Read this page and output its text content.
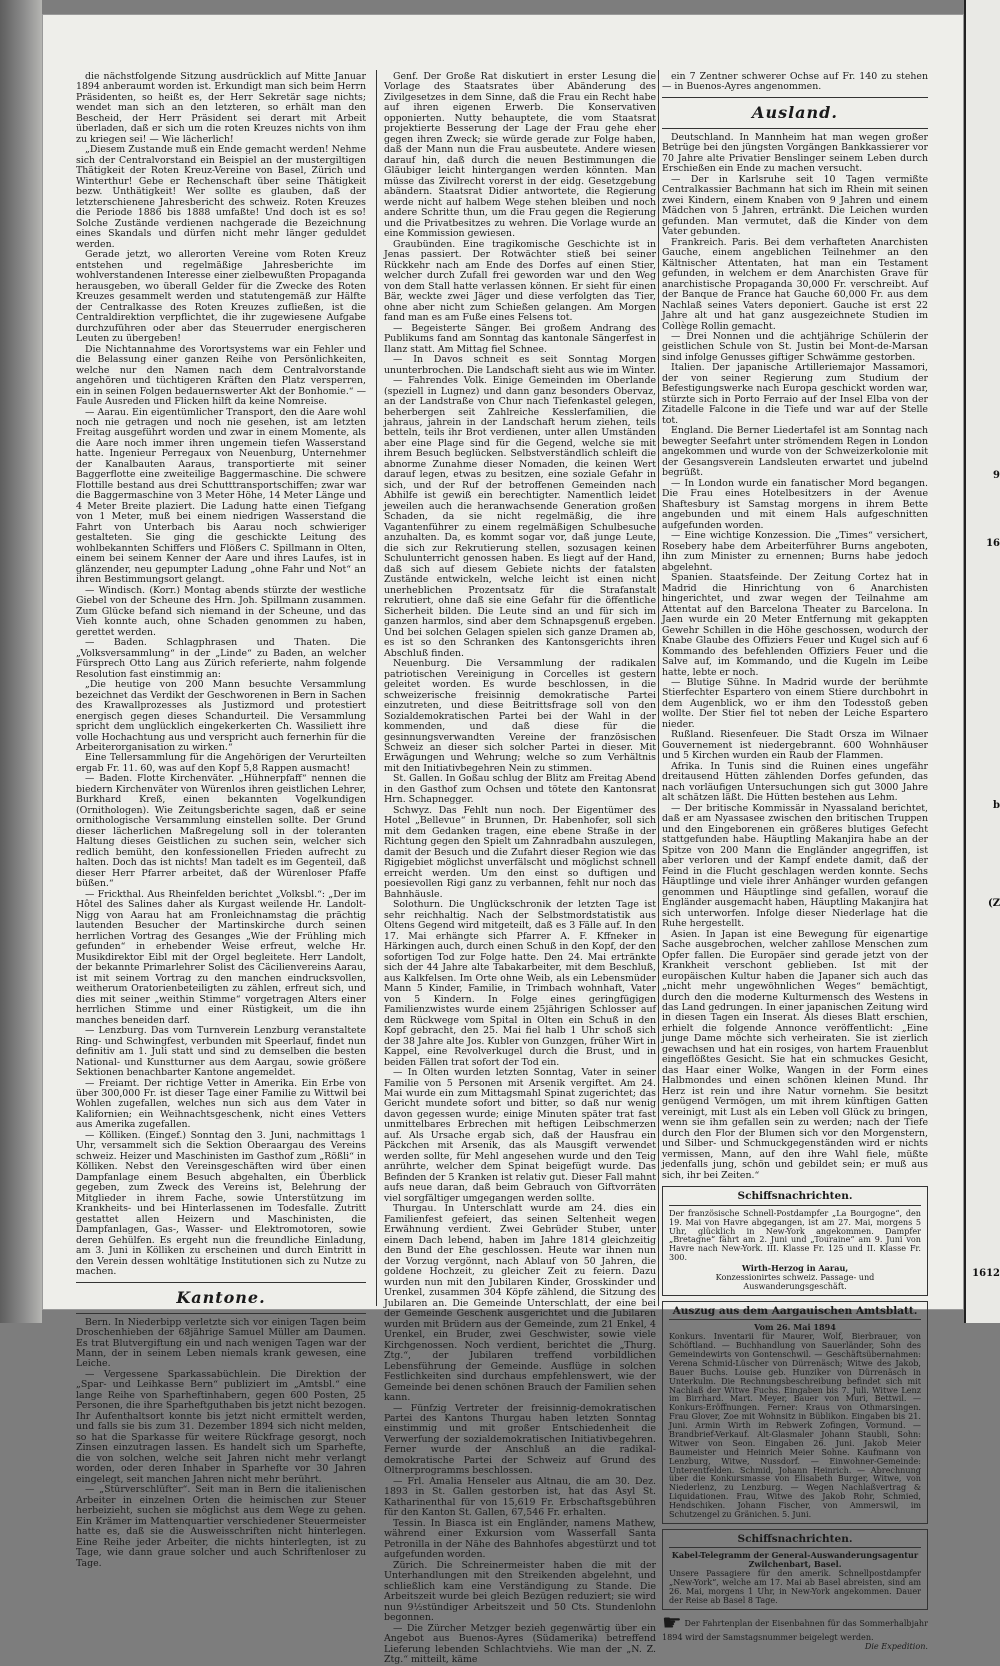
die nächstfolgende Sitzung ausdrücklich auf Mitte Januar 1894 anberaumt worden ist. Erkundigt man sich beim Herrn Präsidenten, so heißt es, der Herr Sekretär sage nichts; wendet man sich an den letzteren, so erhält man den Bescheid, der Herr Präsident sei derart mit Arbeit überladen, daß er sich um die roten Kreuzes nichts von ihm zu kriegen sei! — Wie lächerlich!

„Diesem Zustande muß ein Ende gemacht werden! Nehme sich der Centralvorstand ein Beispiel an der mustergiltigen Thätigkeit der Roten Kreuz-Vereine von Basel, Zürich und Winterthur! Gebe er Rechenschaft über seine Thätigkeit bezw. Unthätigkeit! Wer sollte es glauben, daß der letzterschienene Jahresbericht des schweiz. Roten Kreuzes die Periode 1886 bis 1888 umfaßte! Und doch ist es so! Solche Zustände verdienen nachgerade die Bezeichnung eines Skandals und dürfen nicht mehr länger geduldet werden.

Gerade jetzt, wo allerorten Vereine vom Roten Kreuz entstehen und regelmäßige Jahresberichte im wohlverstandenen Interesse einer zielbewußten Propaganda herausgeben, wo überall Gelder für die Zwecke des Roten Kreuzes gesammelt werden und statutengemäß zur Hälfte der Centralkasse des Roten Kreuzes zufließen, ist die Centraldirektion verpflichtet, die ihr zugewiesene Aufgabe durchzuführen oder aber das Steuerruder energischeren Leuten zu übergeben!

Die Nichtannahme des Vorortsystems war ein Fehler und die Belassung einer ganzen Reihe von Persönlichkeiten, welche nur den Namen nach dem Centralvorstande angehören und tüchtigeren Kräften den Platz versperren, ein in seinen Folgen bedauernswerter Akt der Bonhomie.“ — Faule Ausreden und Flicken hilft da keine Nomreise.

— Aarau. Ein eigentümlicher Transport, den die Aare wohl noch nie getragen und noch nie gesehen, ist am letzten Freitag ausgeführt worden und zwar in einem Momente, als die Aare noch immer ihren ungemein tiefen Wasserstand hatte. Ingenieur Perregaux von Neuenburg, Unternehmer der Kanalbauten Aaraus, transportierte mit seiner Baggerflotte eine zweiteilige Baggermaschine. Die schwere Flottille bestand aus drei Schutttransportschiffen; zwar war die Baggermaschine von 3 Meter Höhe, 14 Meter Länge und 4 Meter Breite plaziert. Die Ladung hatte einen Tiefgang von 1 Meter, muß bei einem niedrigen Wasserstand die Fahrt von Unterbach bis Aarau noch schwieriger gestalteten. Sie ging die geschickte Leitung des wohlbekannten Schiffers und Flößers C. Spillmann in Olten, einem bei seinem Kenner der Aare und ihres Laufes, ist in glänzender, neu gepumpter Ladung „ohne Fahr und Not“ an ihren Bestimmungsort gelangt.

— Windisch. (Korr.) Montag abends stürzte der westliche Giebel von der Scheune des Hrn. Joh. Spillmann zusammen. Zum Glücke befand sich niemand in der Scheune, und das Vieh konnte auch, ohne Schaden genommen zu haben, gerettet werden.

— Baden. Schlagphrasen und Thaten. Die „Volksversammlung“ in der „Linde“ zu Baden, an welcher Fürsprech Otto Lang aus Zürich referierte, nahm folgende Resolution fast einstimmig an:

„Die heutige von 200 Mann besuchte Versammlung bezeichnet das Verdikt der Geschworenen in Bern in Sachen des Krawallprozesses als Justizmord und protestiert energisch gegen dieses Schandurteil. Die Versammlung spricht dem unglücklich eingekerkerten Ch. Wassiliett ihre volle Hochachtung aus und verspricht auch fernerhin für die Arbeiterorganisation zu wirken.“

Eine Tellersammlung für die Angehörigen der Verurteilten ergab Fr. 11. 60, was auf den Kopf 5,8 Rappen ausmacht!

— Baden. Flotte Kirchenväter. „Hühnerpfaff“ nennen die biedern Kirchenväter von Würenlos ihren geistlichen Lehrer, Burkhard Kreß, einen bekannten Vogelkundigen (Ornithologen). Wie Zeitungsberichte sagen, daß er seine ornithologische Versammlung einstellen sollte. Der Grund dieser lächerlichen Maßregelung soll in der toleranten Haltung dieses Geistlichen zu suchen sein, welcher sich redlich bemüht, den konfessionellen Frieden aufrecht zu halten. Doch das ist nichts! Man tadelt es im Gegenteil, daß dieser Herr Pfarrer arbeitet, daß der Würenloser Pfaffe büßen.“

— Frickthal. Aus Rheinfelden berichtet „Volksbl.“: „Der im Hôtel des Salines daher als Kurgast weilende Hr. Landolt-Nigg von Aarau hat am Fronleichnamstag die prächtig lautenden Besucher der Martinskirche durch seinen herrlichen Vortrag des Gesanges „Wie der Frühling mich gefunden“ in erhebender Weise erfreut, welche Hr. Musikdirektor Eibl mit der Orgel begleitete. Herr Landolt, der bekannte Primarlehrer Solist des Cäcilienvereins Aarau, ist mit seinem Vortrag zu den manchen eindrucksvollen, weitherum Oratorienbeteiligten zu zählen, erfreut sich, und dies mit seiner „weithin Stimme“ vorgetragen Alters einer herrlichen Stimme und einer Rüstigkeit, um die ihn manches beneiden darf.

— Lenzburg. Das vom Turnverein Lenzburg veranstaltete Ring- und Schwingfest, verbunden mit Speerlauf, findet nun definitiv am 1. Juli statt und sind zu demselben die besten National- und Kunstturner aus dem Aargau, sowie größere Sektionen benachbarter Kantone angemeldet.

— Freiamt. Der richtige Vetter in Amerika. Ein Erbe von über 300,000 Fr. ist dieser Tage einer Familie zu Wittwil bei Wohlen zugefallen, welches nun sich aus dem Vater in Kalifornien; ein Weihnachtsgeschenk, nicht eines Vetters aus Amerika zugefallen.

— Kölliken. (Eingef.) Sonntag den 3. Juni, nachmittags 1 Uhr, versammelt sich die Sektion Oberaargau des Vereins schweiz. Heizer und Maschinisten im Gasthof zum „Rößli“ in Kölliken. Nebst den Vereinsgeschäften wird über einen Dampfanlage einem Besuch abgehalten, ein Überblick gegeben, zum Zweck des Vereins ist, Belehrung der Mitglieder in ihrem Fache, sowie Unterstützung im Krankheits- und bei Hinterlassenen im Todesfalle. Zutritt gestattet allen Heizern und Maschinisten, die Dampfanlagen, Gas-, Wasser- und Elektromotoren, sowie deren Gehülfen. Es ergeht nun die freundliche Einladung, am 3. Juni in Kölliken zu erscheinen und durch Eintritt in den Verein dessen wohltätige Institutionen sich zu Nutze zu machen.

Kantone.

Bern. In Niederbipp verletzte sich vor einigen Tagen beim Droschenhieben der 68jährige Samuel Müller am Daumen. Es trat Blutvergiftung ein und nach wenigen Tagen war der Mann, der in seinem Leben niemals krank gewesen, eine Leiche.

— Vergessene Sparkassabüchlein. Die Direktion der „Spar- und Leihkasse Bern“ publiziert im „Amtsbl.“ eine lange Reihe von Sparheftinhabern, gegen 600 Posten, 25 Personen, die ihre Sparheftguthaben bis jetzt nicht bezogen. Ihr Aufenthaltsort konnte bis jetzt nicht ermittelt werden, und falls sie bis zum 31. Dezember 1894 sich nicht melden, so hat die Sparkasse für weitere Rückfrage gesorgt, noch Zinsen einzutragen lassen. Es handelt sich um Sparhefte, die von solchen, welche seit Jahren nicht mehr verlangt worden, oder deren Inhaber in Sparhefte vor 30 Jahren eingelegt, seit manchen Jahren nicht mehr berührt.

— „Stürverschlüfter“. Seit man in Bern die italienischen Arbeiter in einzelnen Orten die heimischen zur Steuer herbeizieht, suchen sie möglichst aus dem Wege zu gehen. Ein Krämer im Mattenquartier verschiedener Steuermeister hatte es, daß sie die Ausweisschriften nicht hinterlegen. Eine Reihe jeder Arbeiter, die nichts hinterlegten, ist zu Tage, wie dann graue solcher und auch Schriftenloser zu Tage.

Genf. Der Große Rat diskutiert in erster Lesung die Vorlage des Staatsrates über Abänderung des Zivilgesetzes in dem Sinne, daß die Frau ein Recht habe auf ihren eigenen Erwerb. Die Konservativen opponierten. Nutty behauptete, die vom Staatsrat projektierte Besserung der Lage der Frau gehe eher gegen ihren Zweck; sie würde gerade zur Folge haben, daß der Mann nun die Frau ausbeutete. Andere wiesen darauf hin, daß durch die neuen Bestimmungen die Gläubiger leicht hintergangen werden könnten. Man müsse das Zivilrecht vorerst in der eidg. Gesetzgebung abändern. Staatsrat Didier antwortete, die Regierung werde nicht auf halbem Wege stehen bleiben und noch andere Schritte thun, um die Frau gegen die Regierung und die Privatbesitzes zu wehren. Die Vorlage wurde an eine Kommission gewiesen.

Graubünden. Eine tragikomische Geschichte ist in Jenas passiert. Der Rotwächter stieß bei seiner Rückkehr nach am Ende des Dorfes auf einen Stier, welcher durch Zufall frei geworden war und den Weg von dem Stall hatte verlassen können. Er sieht für einen Bär, weckte zwei Jäger und diese verfolgten das Tier, ohne aber nicht zum Schießen gelangen. Am Morgen fand man es am Fuße eines Felsens tot.

— Begeisterte Sänger. Bei großem Andrang des Publikums fand am Sonntag das kantonale Sängerfest in Ilanz statt. Am Mittag fiel Schnee.

— In Davos schneit es seit Sonntag Morgen ununterbrochen. Die Landschaft sieht aus wie im Winter.

— Fahrendes Volk. Einige Gemeinden im Oberlande (speziell in Lugnez) und dann ganz besonders Obervaz, an der Landstraße von Chur nach Tiefenkastel gelegen, beherbergen seit Zahlreiche Kesslerfamilien, die jahraus, jahrein in der Landschaft herum ziehen, teils betteln, teils ihr Brot verdienen, unter allen Umständen aber eine Plage sind für die Gegend, welche sie mit ihrem Besuch beglücken. Selbstverständlich schleift die abnorme Zunahme dieser Nomaden, die keinen Wert darauf legen, etwas zu besitzen, eine soziale Gefahr in sich, und der Ruf der betroffenen Gemeinden nach Abhilfe ist gewiß ein berechtigter. Namentlich leidet jeweilen auch die heranwachsende Generation großen Schaden, da sie nicht regelmäßig, die ihre Vagantenführer zu einem regelmäßigen Schulbesuche anzuhalten. Da, es kommt sogar vor, daß junge Leute, die sich zur Rekrutierung stellen, sozusagen keinen Schulunterricht genossen haben. Es liegt auf der Hand, daß sich auf diesem Gebiete nichts der fatalsten Zustände entwickeln, welche leicht ist einen nicht unerheblichen Prozentsatz für die Strafanstalt rekrutiert, ohne daß sie eine Gefahr für die öffentliche Sicherheit bilden. Die Leute sind an und für sich im ganzen harmlos, sind aber dem Schnapsgenuß ergeben. Und bei solchen Gelagen spielen sich ganze Dramen ab, es ist so den Schranken des Kantonsgerichts ihren Abschluß finden.

Neuenburg. Die Versammlung der radikalen patriotischen Vereinigung in Corcelles ist gestern geleitet worden. Es wurde beschlossen, in die schweizerische freisinnig demokratische Partei einzutreten, und diese Beitrittsfrage soll von den Sozialdemokratischen Partei bei der Wahl in der kommenden, und daß diese für die gesinnungsverwandten Vereine der französischen Schweiz an dieser sich solcher Partei in dieser. Mit Erwägungen und Wehrung; welche so zum Verhältnis mit den Initiativbegehren Nein zu stimmen.

St. Gallen. In Goßau schlug der Blitz am Freitag Abend in den Gasthof zum Ochsen und tötete den Kantonsrat Hrn. Schapnegger.

Schwyz. Das Fehlt nun noch. Der Eigentümer des Hotel „Bellevue“ in Brunnen, Dr. Habenhofer, soll sich mit dem Gedanken tragen, eine ebene Straße in der Richtung gegen den Spielt um Zahnradbahn auszulegen, damit der Besuch und die Zufahrt dieser Region wie das Rigigebiet möglichst unverfälscht und möglichst schnell erreicht werden. Um den einst so duftigen und poesievollen Rigi ganz zu verbannen, fehlt nur noch das Bahnhäusle.

Solothurn. Die Unglückschronik der letzten Tage ist sehr reichhaltig. Nach der Selbstmordstatistik aus Oltens Gegend wird mitgeteilt, daß es 3 Fälle auf. In den 17. Mai erhängte sich Pfarrer A. F. Kffneker in Härkingen auch, durch einen Schuß in den Kopf, der den sofortigen Tod zur Folge hatte. Den 24. Mai ertränkte sich der 44 Jahre alte Tabakarbeiter, mit dem Beschluß, aus Kalkfelsen. Im Orte ohne Weib, als ein Lebensmüder Mann 5 Kinder, Familie, in Trimbach wohnhaft, Vater von 5 Kindern. In Folge eines geringfügigen Familienzwistes wurde einem 25jährigen Schlosser auf dem Rückwege vom Spital in Olten ein Schuß in den Kopf gebracht, den 25. Mai fiel halb 1 Uhr schoß sich der 38 Jahre alte Jos. Kubler von Gunzgen, früher Wirt in Kappel, eine Revolverkugel durch die Brust, und in beiden Fällen trat sofort der Tod ein.

— In Olten wurden letzten Sonntag, Vater in seiner Familie von 5 Personen mit Arsenik vergiftet. Am 24. Mai wurde ein zum Mittagsmahl Spinat zugerichtet; das Gericht mundete sofort und bitter, so daß nur wenig davon gegessen wurde; einige Minuten später trat fast unmittelbares Erbrechen mit heftigen Leibschmerzen auf. Als Ursache ergab sich, daß der Hausfrau ein Päckchen mit Arsenik, das als Mausgift verwendet werden sollte, für Mehl angesehen wurde und den Teig anrührte, welcher dem Spinat beigefügt wurde. Das Befinden der 5 Kranken ist relativ gut. Dieser Fall mahnt aufs neue daran, daß beim Gebrauch von Giftvorräten viel sorgfältiger umgegangen werden sollte.

Thurgau. In Unterschlatt wurde am 24. dies ein Familienfest gefeiert, das seinen Seltenheit wegen Erwähnung verdient. Zwei Gebrüder Stuber, unter einem Dach lebend, haben im Jahre 1814 gleichzeitig den Bund der Ehe geschlossen. Heute war ihnen nun der Vorzug vergönnt, nach Ablauf von 50 Jahren, die goldene Hochzeit, zu gleicher Zeit zu feiern. Dazu wurden nun mit den Jubilaren Kinder, Grosskinder und Urenkel, zusammen 304 Köpfe zählend, die Sitzung des Jubilaren an. Die Gemeinde Unterschlatt, der eine bei der Gemeinde Geschenk ausgerichtet und die Jubilaren wurden mit Brüdern aus der Gemeinde, zum 21 Enkel, 4 Urenkel, ein Bruder, zwei Geschwister, sowie viele Kirchgenossen. Noch verdient, berichtet die „Thurg. Ztg.“, der Jubilaren treffend vorbildlichen Lebensführung der Gemeinde. Ausflüge in solchen Festlichkeiten sind durchaus empfehlenswert, wie der Gemeinde bei denen schönen Brauch der Familien sehen kann.

— Fünfzig Vertreter der freisinnig-demokratischen Partei des Kantons Thurgau haben letzten Sonntag einstimmig und mit großer Entschiedenheit die Verwerfung der sozialdemokratischen Initiativbegehren. Ferner wurde der Anschluß an die radikal-demokratische Partei der Schweiz auf Grund des Oltnerprogramms beschlossen.

— Frl. Amalia Henseler aus Altnau, die am 30. Dez. 1893 in St. Gallen gestorben ist, hat das Asyl St. Katharinenthal für von 15,619 Fr. Erbschaftsgebühren für den Kanton St. Gallen, 67,546 Fr. erhalten.

Tessin. In Biasca ist ein Engländer, namens Mathew, während einer Exkursion vom Wasserfall Santa Petronilla in der Nähe des Bahnhofes abgestürzt und tot aufgefunden worden.

Zürich. Die Schreinermeister haben die mit der Unterhandlungen mit den Streikenden abgelehnt, und schließlich kam eine Verständigung zu Stande. Die Arbeitszeit wurde bei gleich Bezügen reduziert; sie wird nun 9½stündiger Arbeitszeit und 50 Cts. Stundenlohn begonnen.

— Die Zürcher Metzger bezieh gegenwärtig über ein Angebot aus Buenos-Ayres (Südamerika) betreffend Lieferung lebenden Schlachtviehs. Wie man der „N. Z. Ztg.“ mitteilt, käme

ein 7 Zentner schwerer Ochse auf Fr. 140 zu stehen — in Buenos-Ayres angenommen.

Ausland.

Deutschland. In Mannheim hat man wegen großer Betrüge bei den jüngsten Vorgängen Bankkassierer vor 70 Jahre alte Privatier Benslinger seinem Leben durch Erschießen ein Ende zu machen versucht.

— Der in Karlsruhe seit 10 Tagen vermißte Centralkassier Bachmann hat sich im Rhein mit seinen zwei Kindern, einem Knaben von 9 Jahren und einem Mädchen von 5 Jahren, ertränkt. Die Leichen wurden gefunden. Man vermutet, daß die Kinder von dem Vater gebunden.

Frankreich. Paris. Bei dem verhafteten Anarchisten Gauche, einem angeblichen Teilnehmer an den Kältnischer Attentaten, hat man ein Testament gefunden, in welchem er dem Anarchisten Grave für anarchistische Propaganda 30,000 Fr. verschreibt. Auf der Banque de France hat Gauche 60,000 Fr. aus dem Nachlaß seines Vaters deponiert. Gauche ist erst 22 Jahre alt und hat ganz ausgezeichnete Studien im Collège Rollin gemacht.

— Drei Nonnen und die achtjährige Schülerin der geistlichen Schule von St. Justin bei Mont-de-Marsan sind infolge Genusses giftiger Schwämme gestorben.

Italien. Der japanische Artilleriemajor Massamori, der von seiner Regierung zum Studium der Befestigungswerke nach Europa geschickt worden war, stürzte sich in Porto Ferraio auf der Insel Elba von der Zitadelle Falcone in die Tiefe und war auf der Stelle tot.

England. Die Berner Liedertafel ist am Sonntag nach bewegter Seefahrt unter strömendem Regen in London angekommen und wurde von der Schweizerkolonie mit der Gesangsverein Landsleuten erwartet und jubelnd begrüßt.

— In London wurde ein fanatischer Mord begangen. Die Frau eines Hotelbesitzers in der Avenue Shaftesbury ist Samstag morgens in ihrem Bette angebunden und mit einem Hals aufgeschnitten aufgefunden worden.

— Eine wichtige Konzession. Die „Times“ versichert, Rosebery habe dem Arbeiterführer Burns angeboten, ihn zum Minister zu ernennen; Burns habe jedoch abgelehnt.

Spanien. Staatsfeinde. Der Zeitung Cortez hat in Madrid die Hinrichtung von 6 Anarchisten hingerichtet, und zwar wegen der Teilnahme am Attentat auf den Barcelona Theater zu Barcelona. In Jaen wurde ein 20 Meter Entfernung mit gekappten Gewehr Schillen in die Höhe geschossen, wodurch der Knabe Glaube des Offiziers Feuer und Kugel sich auf 6 Kommando des befehlenden Offiziers Feuer und die Salve auf, im Kommando, und die Kugeln im Leibe hatte, lebte er noch.

— Blutige Sühne. In Madrid wurde der berühmte Stierfechter Espartero von einem Stiere durchbohrt in dem Augenblick, wo er ihm den Todesstoß geben wollte. Der Stier fiel tot neben der Leiche Espartero nieder.

Rußland. Riesenfeuer. Die Stadt Orsza im Wilnaer Gouvernement ist niedergebrannt. 600 Wohnhäuser und 5 Kirchen wurden ein Raub der Flammen.

Afrika. In Tunis sind die Ruinen eines ungefähr dreitausend Hütten zählenden Dorfes gefunden, das nach vorläufigen Untersuchungen sich gut 3000 Jahre alt schätzen läßt. Die Hütten bestehen aus Lehm.

— Der britische Kommissär in Nyassaland berichtet, daß er am Nyassasee zwischen den britischen Truppen und den Eingeborenen ein größeres blutiges Gefecht stattgefunden habe. Häuptling Makanjira habe an der Spitze von 200 Mann die Engländer angegriffen, ist aber verloren und der Kampf endete damit, daß der Feind in die Flucht geschlagen werden konnte. Sechs Häuptlinge und viele ihrer Anhänger wurden gefangen genommen und Häuptlinge sind gefallen, worauf die Engländer ausgemacht haben, Häuptling Makanjira hat sich unterworfen. Infolge dieser Niederlage hat die Ruhe hergestellt.

Asien. In Japan ist eine Bewegung für eigenartige Sache ausgebrochen, welcher zahllose Menschen zum Opfer fallen. Die Europäer sind gerade jetzt von der Krankheit verschont geblieben. Ist mit der europäischen Kultur haben die Japaner sich auch das „nicht mehr ungewöhnlichen Weges“ bemächtigt, durch den die moderne Kulturmensch des Westens in das Land gedrungen. In einer japanischen Zeitung wird in diesen Tagen ein Inserat. Als dieses Blatt erschien, erhielt die folgende Annonce veröffentlicht: „Eine junge Dame möchte sich verheiraten. Sie ist zierlich gewachsen und hat ein rosiges, von hartem Frauenblut eingeflößtes Gesicht. Sie hat ein schmuckes Gesicht, das Haar einer Wolke, Wangen in der Form eines Halbmondes und einen schönen kleinen Mund. Ihr Herz ist rein und ihre Natur vornehm. Sie besitzt genügend Vermögen, um mit ihrem künftigen Gatten vereinigt, mit Lust als ein Leben voll Glück zu bringen, wenn sie ihm gefallen sein zu werden; nach der Tiefe durch den Flor der Blumen sich vor den Morgenstern, und Silber- und Schmuckgegenständen wird er nichts vermissen, Mann, auf den ihre Wahl fiele, müßte jedenfalls jung, schön und gebildet sein; er muß aus sich, ihr bei Zeiten.“

Schiffsnachrichten.
Der französische Schnell-Postdampfer „La Bourgogne“, den 19. Mai von Havre abgegangen, ist am 27. Mai, morgens 5 Uhr, glücklich in New-York angekommen. Dampfer „Bretagne“ fährt am 2. Juni und „Touraine“ am 9. Juni von Havre nach New-York. III. Klasse Fr. 125 und II. Klasse Fr. 300.
Wirth-Herzog in Aarau,
Konzessionirtes schweiz. Passage- und Auswanderungsgeschäft.
Auszug aus dem Aargauischen Amtsblatt.
Vom 26. Mai 1894
Konkurs. Inventarii für Maurer, Wolf, Bierbrauer, von Schöftland. — Buchhandlung von Sauerländer, Sohn des Gemeindewirts von Gontenschwil. — Geschäftsübernahmen: Verena Schmid-Lüscher von Dürrenäsch; Witwe des Jakob, Bauer Buchs. Louise geb. Hunziker von Dürrenäsch in Unterkulm. Die Rechnungsbeschreibung befindet sich mit Nachlaß der Witwe Fuchs. Eingaben bis 7. Juli. Witwe Lenz im Birrhard. Mart. Meyer, Bauer von Muri, Bettwil. — Konkurs-Eröffnungen. Ferner: Kraus von Othmarsingen. Frau Glover, Zoe mit Wohnsitz in Büblikon. Eingaben bis 21. Juni. Armin Wirth im Rebwerk Zofingen, Vormund. — Brandbrief-Verkauf. Alt-Glasmaler Johann Staubli, Sohn: Witwer von Seon. Eingaben 26. Juni. Jakob Meier Baumeister und Heinrich Meier Sohne. Kaufmann von Lenzburg, Witwe, Nussdorf. — Einwohner-Gemeinde: Unterentfelden. Schmid, Johann Heinrich. — Abrechnung über die Konkursmasse von Elisabeth Burger, Witwe, von Niederlenz, zu Lenzburg. — Wegen Nachlaßvertrag & Liquidationen. Frau, Witwe des Jakob Rohr, Schmied, Hendschiken. Johann Fischer, von Ammerswil, im Schutzengel zu Gränichen. 5. Juni.
Schiffsnachrichten.
Kabel-Telegramm der General-Auswanderungsagentur Zwilchenbart, Basel.
Unsere Passagiere für den amerik. Schnellpostdampfer „New-York“, welche am 17. Mai ab Basel abreisten, sind am 26. Mai, morgens 1 Uhr, in New-York angekommen. Dauer der Reise ab Basel 8 Tage.
☛ Der Fahrtenplan der Eisenbahnen für das Sommerhalbjahr 1894 wird der Samstagsnummer beigelegt werden.
Die Expedition.
9
16
b
(Z
1612
